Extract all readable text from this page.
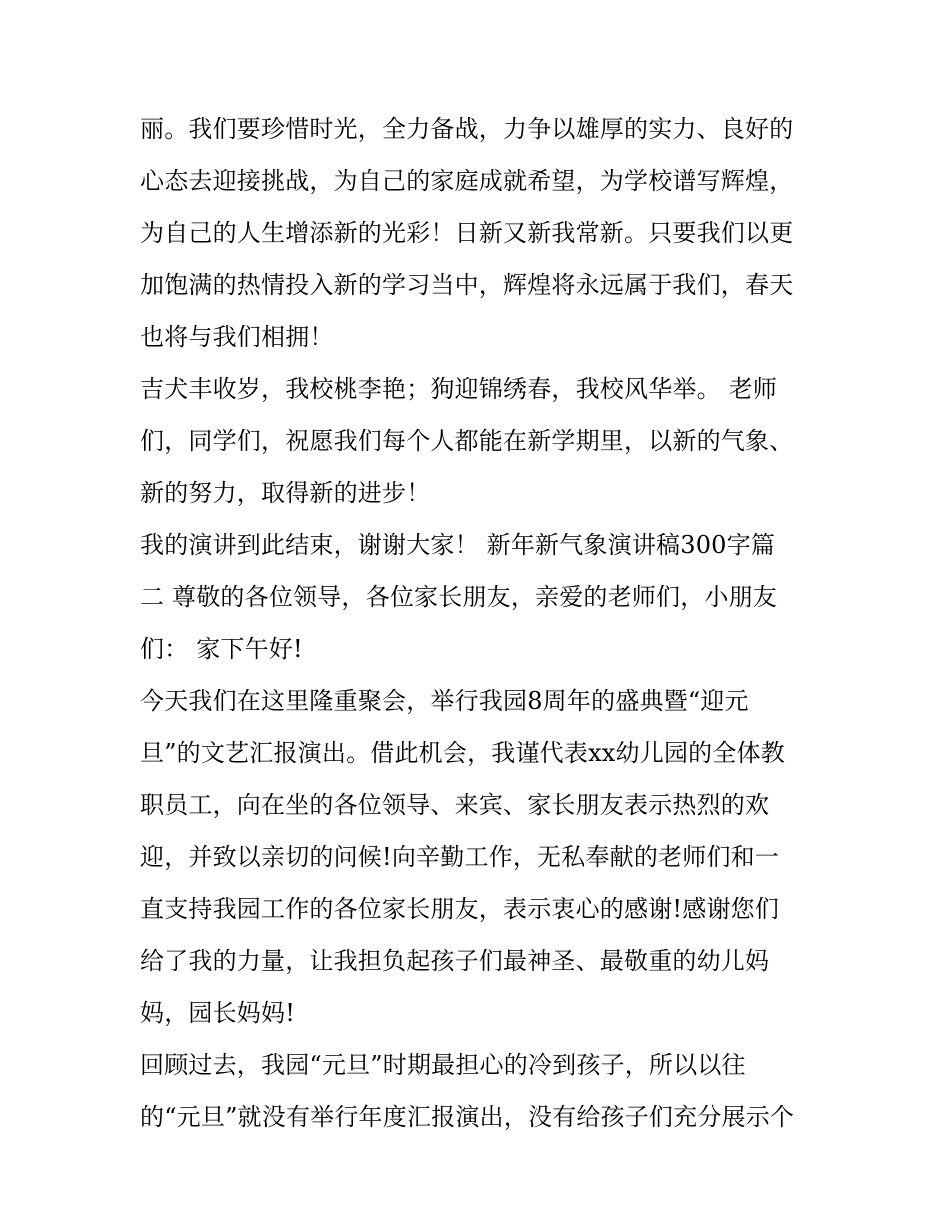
丽。我们要珍惜时光，全力备战，力争以雄厚的实力、良好的
心态去迎接挑战，为自己的家庭成就希望，为学校谱写辉煌，
为自己的人生增添新的光彩！日新又新我常新。只要我们以更
加饱满的热情投入新的学习当中，辉煌将永远属于我们，春天
也将与我们相拥！
吉犬丰收岁，我校桃李艳；狗迎锦绣春，我校风华举。 老师
们，同学们，祝愿我们每个人都能在新学期里，以新的气象、
新的努力，取得新的进步！
我的演讲到此结束，谢谢大家！ 新年新气象演讲稿300字篇
二 尊敬的各位领导，各位家长朋友，亲爱的老师们，小朋友
们： 家下午好!
今天我们在这里隆重聚会，举行我园8周年的盛典暨“迎元
旦”的文艺汇报演出。借此机会，我谨代表xx幼儿园的全体教
职员工，向在坐的各位领导、来宾、家长朋友表示热烈的欢
迎，并致以亲切的问候!向辛勤工作，无私奉献的老师们和一
直支持我园工作的各位家长朋友，表示衷心的感谢!感谢您们
给了我的力量，让我担负起孩子们最神圣、最敬重的幼儿妈
妈，园长妈妈!
回顾过去，我园“元旦”时期最担心的冷到孩子，所以以往
的“元旦”就没有举行年度汇报演出，没有给孩子们充分展示个
